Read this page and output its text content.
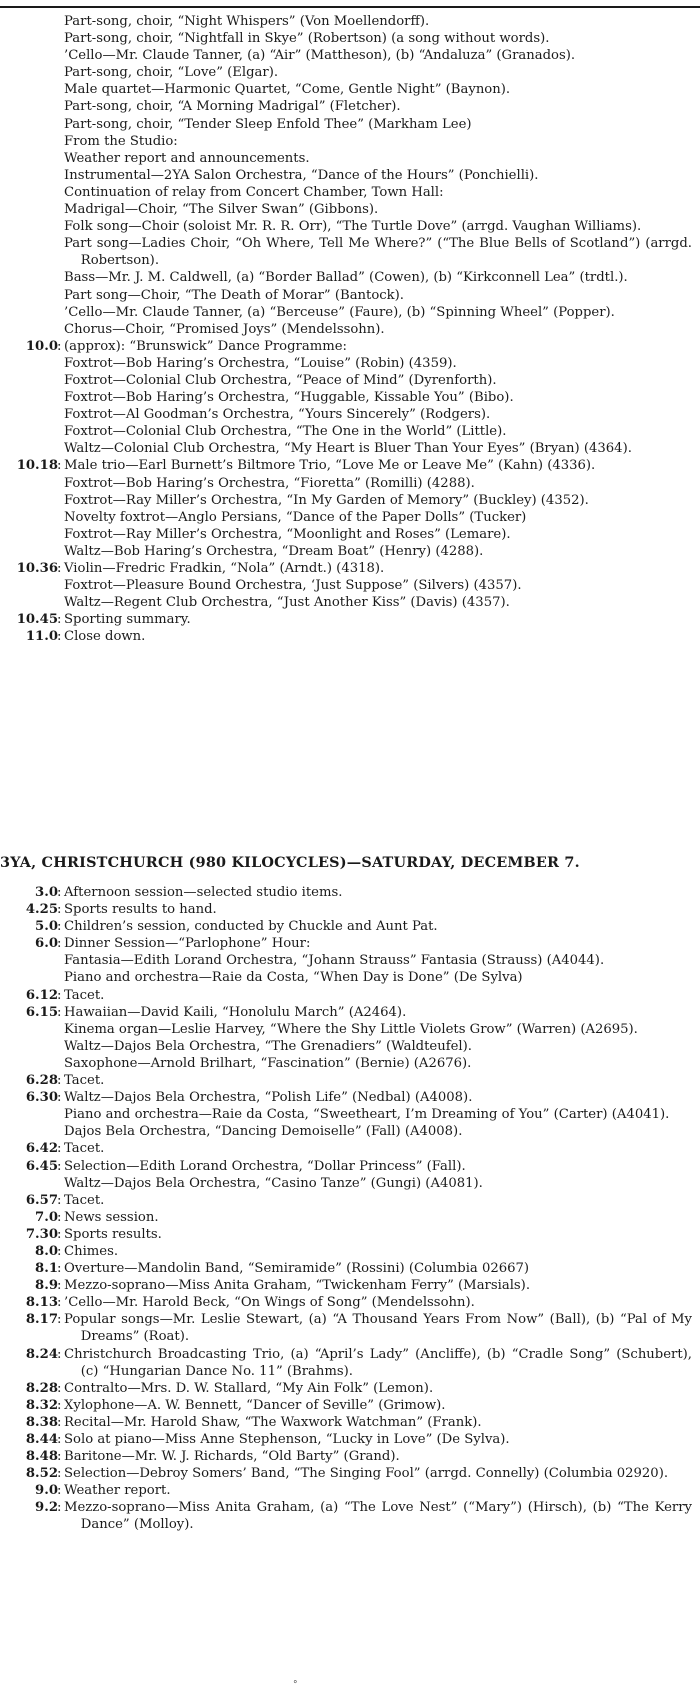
Part-song, choir, “Night Whispers” (Von Moellendorff).
Part-song, choir, “Nightfall in Skye” (Robertson) (a song without words).
’Cello—Mr. Claude Tanner, (a) “Air” (Mattheson), (b) “Andaluza” (Granados).
Part-song, choir, “Love” (Elgar).
Male quartet—Harmonic Quartet, “Come, Gentle Night” (Baynon).
Part-song, choir, “A Morning Madrigal” (Fletcher).
Part-song, choir, “Tender Sleep Enfold Thee” (Markham Lee)
From the Studio:
Weather report and announcements.
Instrumental—2YA Salon Orchestra, “Dance of the Hours” (Ponchielli).
Continuation of relay from Concert Chamber, Town Hall:
Madrigal—Choir, “The Silver Swan” (Gibbons).
Folk song—Choir (soloist Mr. R. R. Orr), “The Turtle Dove” (arrgd. Vaughan Williams).
Part song—Ladies Choir, “Oh Where, Tell Me Where?” (“The Blue Bells of Scotland”) (arrgd. Robertson).
Bass—Mr. J. M. Caldwell, (a) “Border Ballad” (Cowen), (b) “Kirkconnell Lea” (trdtl.).
Part song—Choir, “The Death of Morar” (Bantock).
’Cello—Mr. Claude Tanner, (a) “Berceuse” (Faure), (b) “Spinning Wheel” (Popper).
Chorus—Choir, “Promised Joys” (Mendelssohn).
10.0 : (approx): “Brunswick” Dance Programme:
Foxtrot—Bob Haring’s Orchestra, “Louise” (Robin) (4359).
Foxtrot—Colonial Club Orchestra, “Peace of Mind” (Dyrenforth).
Foxtrot—Bob Haring’s Orchestra, “Huggable, Kissable You” (Bibo).
Foxtrot—Al Goodman’s Orchestra, “Yours Sincerely” (Rodgers).
Foxtrot—Colonial Club Orchestra, “The One in the World” (Little).
Waltz—Colonial Club Orchestra, “My Heart is Bluer Than Your Eyes” (Bryan) (4364).
10.18 : Male trio—Earl Burnett’s Biltmore Trio, “Love Me or Leave Me” (Kahn) (4336).
Foxtrot—Bob Haring’s Orchestra, “Fioretta” (Romilli) (4288).
Foxtrot—Ray Miller’s Orchestra, “In My Garden of Memory” (Buckley) (4352).
Novelty foxtrot—Anglo Persians, “Dance of the Paper Dolls” (Tucker)
Foxtrot—Ray Miller’s Orchestra, “Moonlight and Roses” (Lemare).
Waltz—Bob Haring’s Orchestra, “Dream Boat” (Henry) (4288).
10.36 : Violin—Fredric Fradkin, “Nola” (Arndt.) (4318).
Foxtrot—Pleasure Bound Orchestra, ‘Just Suppose” (Silvers) (4357).
Waltz—Regent Club Orchestra, “Just Another Kiss” (Davis) (4357).
10.45 : Sporting summary.
11.0 : Close down.
3YA, CHRISTCHURCH (980 KILOCYCLES)—SATURDAY, DECEMBER 7.
3.0 : Afternoon session—selected studio items.
4.25 : Sports results to hand.
5.0 : Children’s session, conducted by Chuckle and Aunt Pat.
6.0 : Dinner Session—“Parlophone” Hour:
Fantasia—Edith Lorand Orchestra, “Johann Strauss” Fantasia (Strauss) (A4044).
Piano and orchestra—Raie da Costa, “When Day is Done” (De Sylva)
6.12 : Tacet.
6.15 : Hawaiian—David Kaili, “Honolulu March” (A2464).
Kinema organ—Leslie Harvey, “Where the Shy Little Violets Grow” (Warren) (A2695).
Waltz—Dajos Bela Orchestra, “The Grenadiers” (Waldteufel).
Saxophone—Arnold Brilhart, “Fascination” (Bernie) (A2676).
6.28 : Tacet.
6.30 : Waltz—Dajos Bela Orchestra, “Polish Life” (Nedbal) (A4008).
Piano and orchestra—Raie da Costa, “Sweetheart, I’m Dreaming of You” (Carter) (A4041).
Dajos Bela Orchestra, “Dancing Demoiselle” (Fall) (A4008).
6.42 : Tacet.
6.45 : Selection—Edith Lorand Orchestra, “Dollar Princess” (Fall).
Waltz—Dajos Bela Orchestra, “Casino Tanze” (Gungi) (A4081).
6.57 : Tacet.
7.0 : News session.
7.30 : Sports results.
8.0 : Chimes.
8.1 : Overture—Mandolin Band, “Semiramide” (Rossini) (Columbia 02667)
8.9 : Mezzo-soprano—Miss Anita Graham, “Twickenham Ferry” (Marsials).
8.13 : ’Cello—Mr. Harold Beck, “On Wings of Song” (Mendelssohn).
8.17 : Popular songs—Mr. Leslie Stewart, (a) “A Thousand Years From Now” (Ball), (b) “Pal of My Dreams” (Roat).
8.24 : Christchurch Broadcasting Trio, (a) “April’s Lady” (Ancliffe), (b) “Cradle Song” (Schubert), (c) “Hungarian Dance No. 11” (Brahms).
8.28 : Contralto—Mrs. D. W. Stallard, “My Ain Folk” (Lemon).
8.32 : Xylophone—A. W. Bennett, “Dancer of Seville” (Grimow).
8.38 : Recital—Mr. Harold Shaw, “The Waxwork Watchman” (Frank).
8.44 : Solo at piano—Miss Anne Stephenson, “Lucky in Love” (De Sylva).
8.48 : Baritone—Mr. W. J. Richards, “Old Barty” (Grand).
8.52 : Selection—Debroy Somers’ Band, “The Singing Fool” (arrgd. Connelly) (Columbia 02920).
9.0 : Weather report.
9.2 : Mezzo-soprano—Miss Anita Graham, (a) “The Love Nest” (“Mary”) (Hirsch), (b) “The Kerry Dance” (Molloy).
°
